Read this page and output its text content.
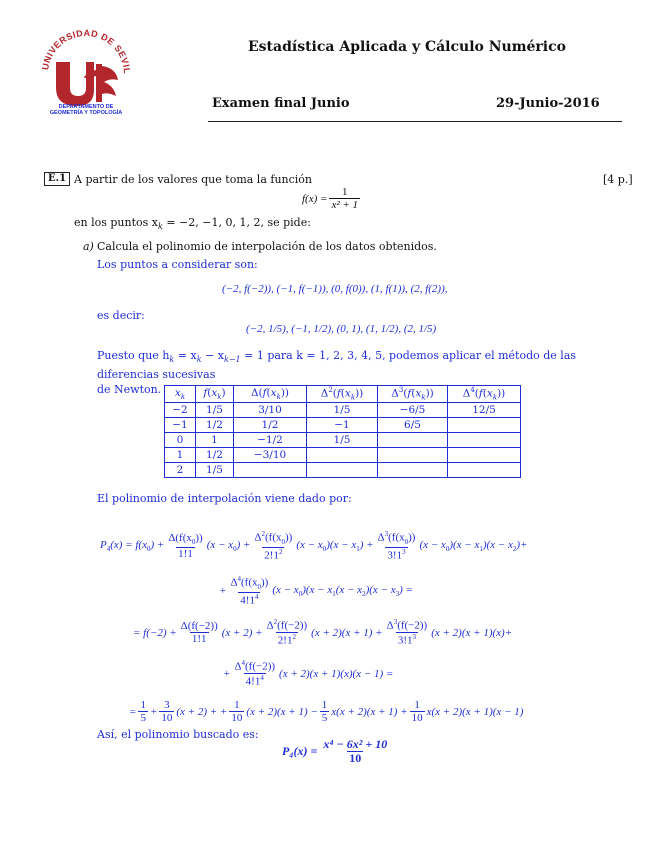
UNIVERSIDAD DE SEVIL
DEPARTAMENTO DE
GEOMETRÍA Y TOPOLOGÍA
Estadística Aplicada y Cálculo Numérico
Examen final Junio	29-Junio-2016
E.1 A partir de los valores que toma la función	[4 p.]
$f(x) = \frac{1}{\text{x² + 1}}$
en los puntos $x_k = -2$, −1, 0, 1, 2, se pide:
a) Calcula el polinomio de interpolación de los datos obtenidos.
Los puntos a considerar son:
(−2, f(−2)), (−1, f(−1)), (0, f(0)), (1, f(1)), (2, f(2)),
es decir:
(−2, 1/5), (−1, 1/2), (0, 1), (1, 1/2), (2, 1/5)
Puesto que $h_k = x_k - x_{k-1} = 1$ para k = 1, 2, 3, 4, 5, podemos aplicar el método de las diferencias sucesivas
de Newton.	$x_k$	$f(x_k)$	$\Delta(f(x_k))$	$\Delta^2(f(x_k))$	$\Delta^3(f(x_k))$	$\Delta^4(f(x_k))$
−2	1/5	3/10	1/5	−6/5	12/5
−1	1/2	1/2	−1	6/5	
0	1	−1/2	1/5		
1	1/2	−3/10			
2	1/5				
El polinomio de interpolación viene dado por:
$P_4(x) = f(x_0) + \frac{\Delta(f(x_0))}{1!1} (x - x_0) + \frac{\Delta^2(f(x_0))}{2!1^2} (x - x_0)(x - x_1) + \frac{\Delta^3(f(x_0))}{3!1^3} (x - x_0)(x - x_1)(x - x_2)+$
+ $\frac{\Delta^4(f(x_0))}{4!1^4} (x - x_0)(x - x_1(x - x_2)(x - x_3)$ =
= $f(-2) + \frac{\Delta(f(-2))}{1!1} (x + 2) + \frac{\Delta^2(f(-2))}{2!1^2} (x + 2)(x + 1) + \frac{\Delta^3(f(-2))}{3!1^3} (x + 2)(x + 1)(x)+$
+ $\frac{\Delta^4(f(-2))}{4!1^4} (x + 2)(x + 1)(x)(x - 1)$ =
= $\frac{1}{5} + \frac{3}{10} (x + 2)$ + + $\frac{1}{10} (x + 2)(x + 1) - \frac{1}{5} x(x + 2)(x + 1) + \frac{1}{10} x(x + 2)(x + 1)(x - 1)$
Así, el polinomio buscado es:
$P_4(x) = \frac{\text{x⁴ − 6x² + 10}}{10}$
